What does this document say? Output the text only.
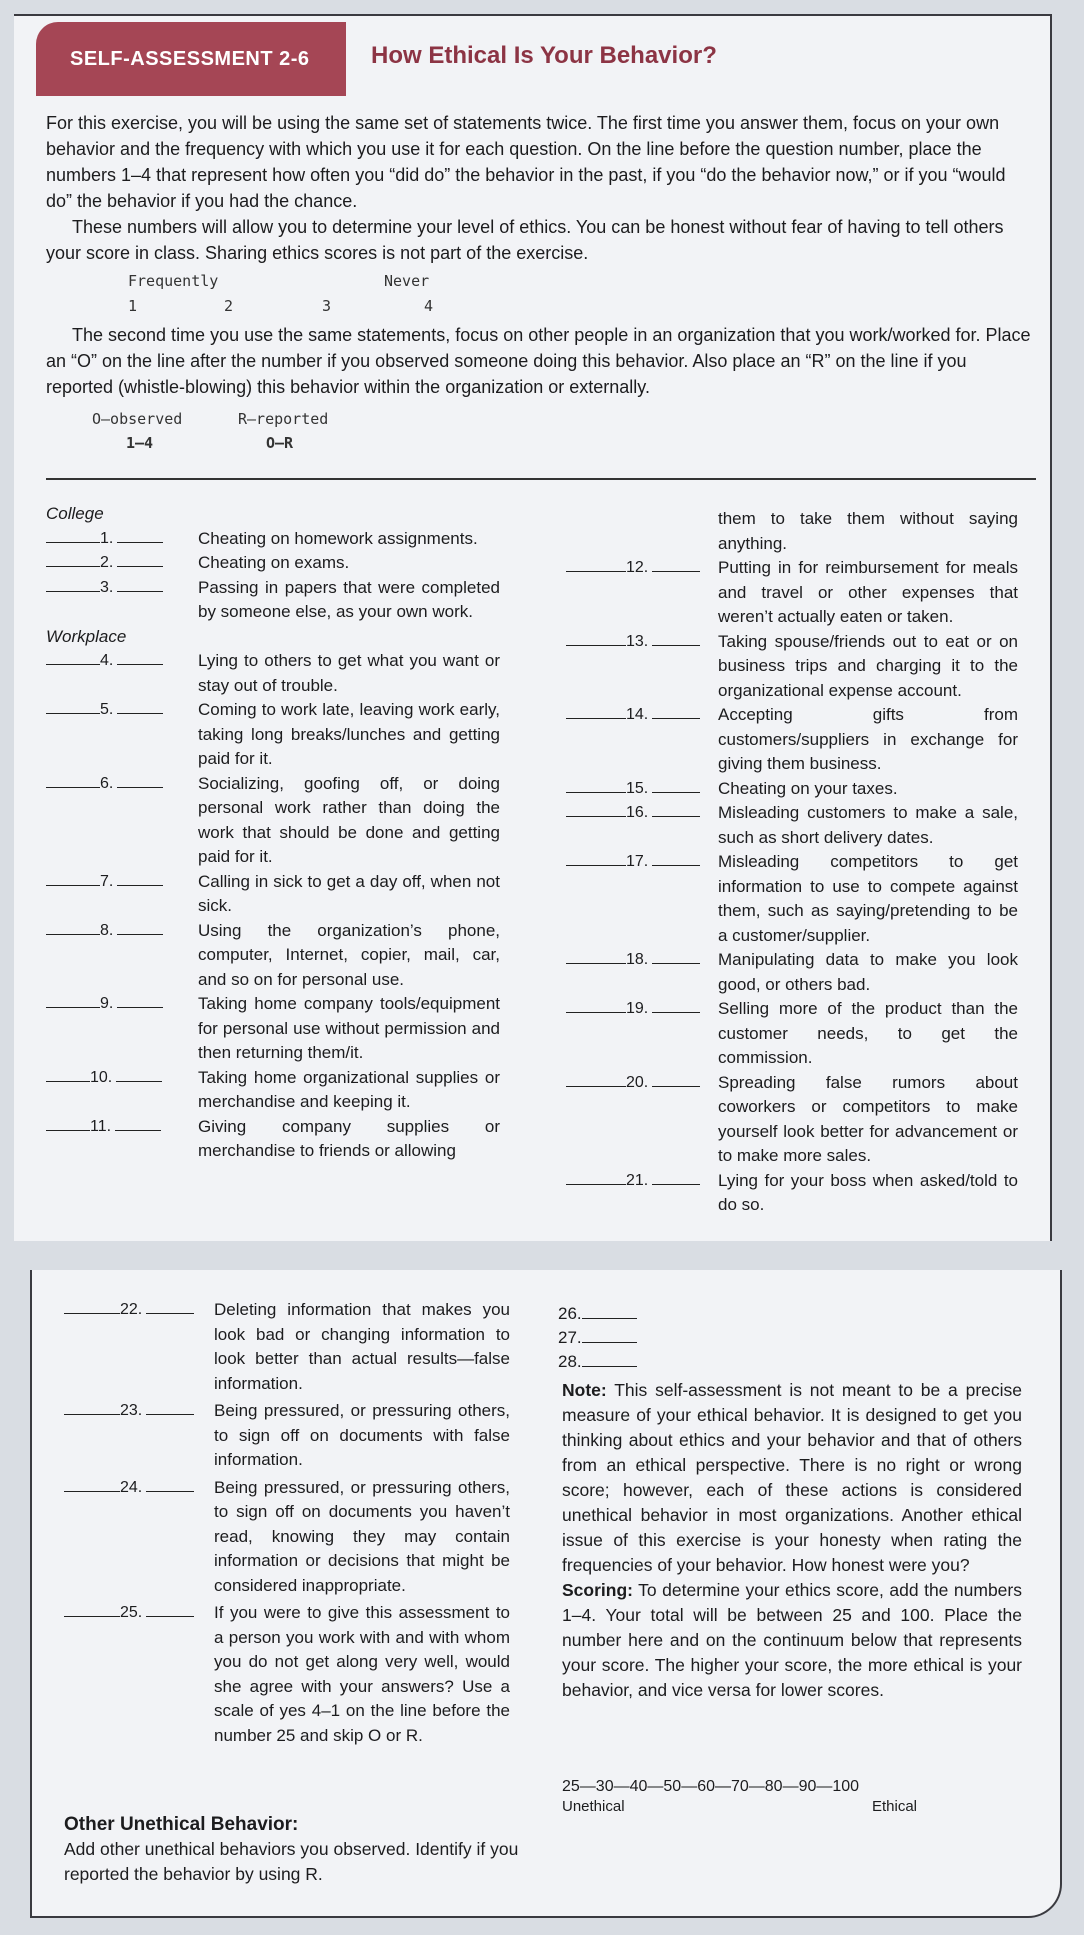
SELF-ASSESSMENT 2-6	How Ethical Is Your Behavior?

For this exercise, you will be using the same set of statements twice. The first time you answer them, focus on your own behavior and the frequency with which you use it for each question. On the line before the question number, place the numbers 1–4 that represent how often you “did do” the behavior in the past, if you “do the behavior now,” or if you “would do” the behavior if you had the chance.

These numbers will allow you to determine your level of ethics. You can be honest without fear of having to tell others your score in class. Sharing ethics scores is not part of the exercise.

Frequently	Never
1	2	3	4

The second time you use the same statements, focus on other people in an organization that you work/worked for. Place an “O” on the line after the number if you observed someone doing this behavior. Also place an “R” on the line if you reported (whistle-blowing) this behavior within the organization or externally.

O—observed	R—reported
1–4	O–R

College

1.	Cheating on homework assignments.
2.	Cheating on exams.
3.	Passing in papers that were completed by someone else, as your own work.

Workplace

4.	Lying to others to get what you want or stay out of trouble.
5.	Coming to work late, leaving work early, taking long breaks/lunches and getting paid for it.
6.	Socializing, goofing off, or doing personal work rather than doing the work that should be done and getting paid for it.
7.	Calling in sick to get a day off, when not sick.
8.	Using the organization’s phone, computer, Internet, copier, mail, car, and so on for personal use.
9.	Taking home company tools/equipment for personal use without permission and then returning them/it.
10.	Taking home organizational supplies or merchandise and keeping it.
11.	Giving company supplies or merchandise to friends or allowing
them to take them without saying anything.
12.	Putting in for reimbursement for meals and travel or other expenses that weren’t actually eaten or taken.
13.	Taking spouse/friends out to eat or on business trips and charging it to the organizational expense account.
14.	Accepting gifts from customers/suppliers in exchange for giving them business.
15.	Cheating on your taxes.
16.	Misleading customers to make a sale, such as short delivery dates.
17.	Misleading competitors to get information to use to compete against them, such as saying/pretending to be a customer/supplier.
18.	Manipulating data to make you look good, or others bad.
19.	Selling more of the product than the customer needs, to get the commission.
20.	Spreading false rumors about coworkers or competitors to make yourself look better for advancement or to make more sales.
21.	Lying for your boss when asked/told to do so.
22.	Deleting information that makes you look bad or changing information to look better than actual results—false information.
23.	Being pressured, or pressuring others, to sign off on documents with false information.
24.	Being pressured, or pressuring others, to sign off on documents you haven’t read, knowing they may contain information or decisions that might be considered inappropriate.
25.	If you were to give this assessment to a person you work with and with whom you do not get along very well, would she agree with your answers? Use a scale of yes 4–1 on the line before the number 25 and skip O or R.
26.
27.
28.

Note: This self-assessment is not meant to be a precise measure of your ethical behavior. It is designed to get you thinking about ethics and your behavior and that of others from an ethical perspective. There is no right or wrong score; however, each of these actions is considered unethical behavior in most organizations. Another ethical issue of this exercise is your honesty when rating the frequencies of your behavior. How honest were you?

Scoring: To determine your ethics score, add the numbers 1–4. Your total will be between 25 and 100. Place the number here and on the continuum below that represents your score. The higher your score, the more ethical is your behavior, and vice versa for lower scores.

25—30—40—50—60—70—80—90—100
Unethical	Ethical
Other Unethical Behavior:

Add other unethical behaviors you observed. Identify if you reported the behavior by using R.
